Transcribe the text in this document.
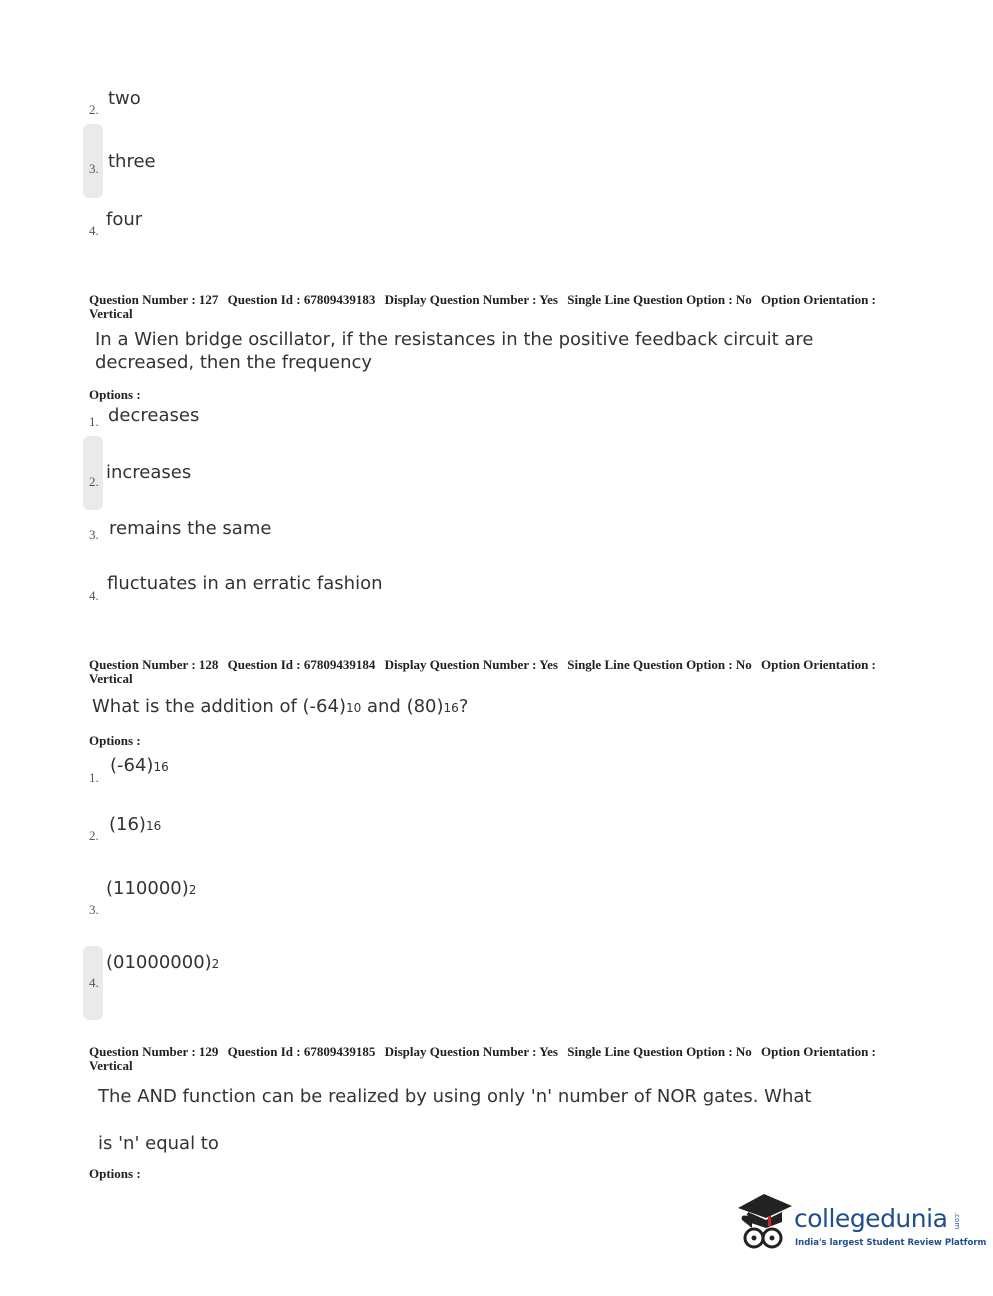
2.
two
3. three
4.
four
Question Number : 127 Question Id : 67809439183 Display Question Number : Yes Single Line Question Option : No Option Orientation : Vertical
In a Wien bridge oscillator, if the resistances in the positive feedback circuit are
decreased, then the frequency
Options :
1. decreases
2. increases
3. remains the same
4.
fluctuates in an erratic fashion
Question Number : 128 Question Id : 67809439184 Display Question Number : Yes Single Line Question Option : No Option Orientation : Vertical
What is the addition of (-64)10 and (80)16?
Options :
1.
(-64)16
2.
(16)16
3.
(110000)2
4.
(01000000)2
Question Number : 129 Question Id : 67809439185 Display Question Number : Yes Single Line Question Option : No Option Orientation : Vertical
The AND function can be realized by using only 'n' number of NOR gates. What
is 'n' equal to
Options :
collegedunia .com
India's largest Student Review Platform
